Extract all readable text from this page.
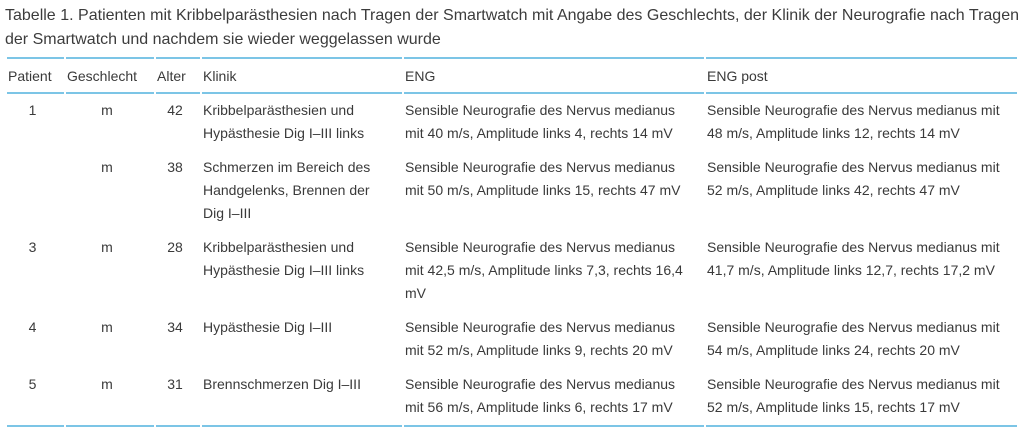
Tabelle 1. Patienten mit Kribbelparästhesien nach Tragen der Smartwatch mit Angabe des Geschlechts, der Klinik der Neurografie nach Tragen der Smartwatch und nachdem sie wieder weggelassen wurde

Patient	Geschlecht	Alter	Klinik	ENG	ENG post
1	m	42	Kribbelparästhesien und Hypästhesie Dig I–III links	Sensible Neurografie des Nervus medianus mit 40 m/s, Amplitude links 4, rechts 14 mV	Sensible Neurografie des Nervus medianus mit 48 m/s, Amplitude links 12, rechts 14 mV
	m	38	Schmerzen im Bereich des Handgelenks, Brennen der Dig I–III	Sensible Neurografie des Nervus medianus mit 50 m/s, Amplitude links 15, rechts 47 mV	Sensible Neurografie des Nervus medianus mit 52 m/s, Amplitude links 42, rechts 47 mV
3	m	28	Kribbelparästhesien und Hypästhesie Dig I–III links	Sensible Neurografie des Nervus medianus mit 42,5 m/s, Amplitude links 7,3, rechts 16,4 mV	Sensible Neurografie des Nervus medianus mit 41,7 m/s, Amplitude links 12,7, rechts 17,2 mV
4	m	34	Hypästhesie Dig I–III	Sensible Neurografie des Nervus medianus mit 52 m/s, Amplitude links 9, rechts 20 mV	Sensible Neurografie des Nervus medianus mit 54 m/s, Amplitude links 24, rechts 20 mV
5	m	31	Brennschmerzen Dig I–III	Sensible Neurografie des Nervus medianus mit 56 m/s, Amplitude links 6, rechts 17 mV	Sensible Neurografie des Nervus medianus mit 52 m/s, Amplitude links 15, rechts 17 mV
